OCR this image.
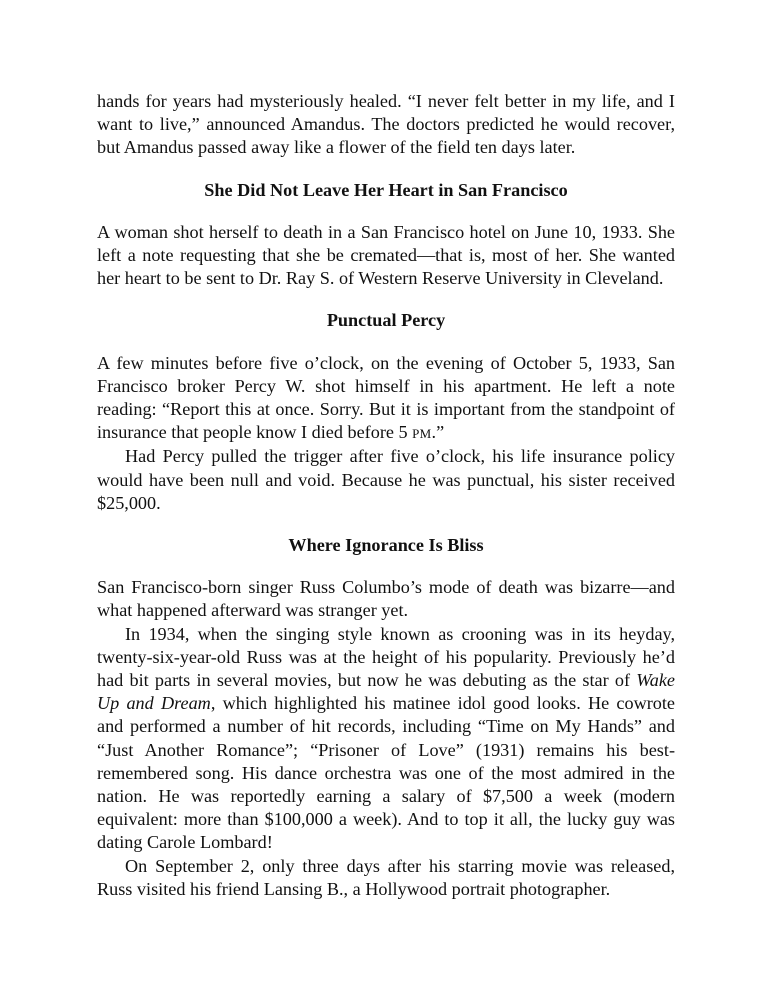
hands for years had mysteriously healed. “I never felt better in my life, and I want to live,” announced Amandus. The doctors predicted he would recover, but Amandus passed away like a flower of the field ten days later.

She Did Not Leave Her Heart in San Francisco

A woman shot herself to death in a San Francisco hotel on June 10, 1933. She left a note requesting that she be cremated—that is, most of her. She wanted her heart to be sent to Dr. Ray S. of Western Reserve University in Cleveland.

Punctual Percy

A few minutes before five o’clock, on the evening of October 5, 1933, San Francisco broker Percy W. shot himself in his apartment. He left a note reading: “Report this at once. Sorry. But it is important from the standpoint of insurance that people know I died before 5 PM.”

Had Percy pulled the trigger after five o’clock, his life insurance policy would have been null and void. Because he was punctual, his sister received $25,000.

Where Ignorance Is Bliss

San Francisco-born singer Russ Columbo’s mode of death was bizarre—and what happened afterward was stranger yet.

In 1934, when the singing style known as crooning was in its heyday, twenty-six-year-old Russ was at the height of his popularity. Previously he’d had bit parts in several movies, but now he was debuting as the star of Wake Up and Dream, which highlighted his matinee idol good looks. He cowrote and performed a number of hit records, including “Time on My Hands” and “Just Another Romance”; “Prisoner of Love” (1931) remains his best-remembered song. His dance orchestra was one of the most admired in the nation. He was reportedly earning a salary of $7,500 a week (modern equivalent: more than $100,000 a week). And to top it all, the lucky guy was dating Carole Lombard!

On September 2, only three days after his starring movie was released, Russ visited his friend Lansing B., a Hollywood portrait photographer.
